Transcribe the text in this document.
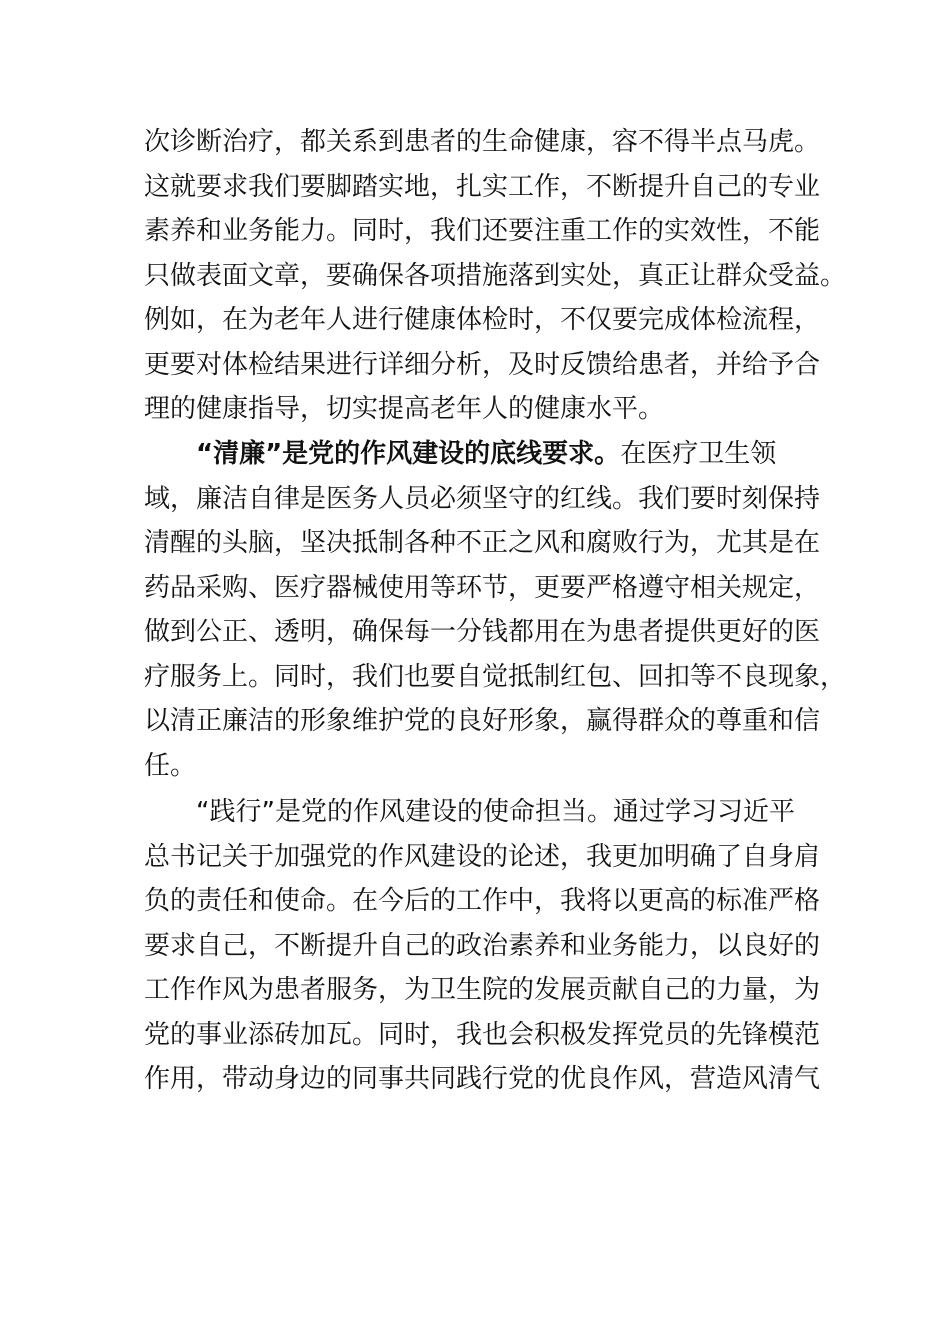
次诊断治疗，都关系到患者的生命健康，容不得半点马虎。
这就要求我们要脚踏实地，扎实工作，不断提升自己的专业
素养和业务能力。同时，我们还要注重工作的实效性，不能
只做表面文章，要确保各项措施落到实处，真正让群众受益。
例如，在为老年人进行健康体检时，不仅要完成体检流程，
更要对体检结果进行详细分析，及时反馈给患者，并给予合
理的健康指导，切实提高老年人的健康水平。
“清廉”是党的作风建设的底线要求。在医疗卫生领
域，廉洁自律是医务人员必须坚守的红线。我们要时刻保持
清醒的头脑，坚决抵制各种不正之风和腐败行为，尤其是在
药品采购、医疗器械使用等环节，更要严格遵守相关规定，
做到公正、透明，确保每一分钱都用在为患者提供更好的医
疗服务上。同时，我们也要自觉抵制红包、回扣等不良现象，
以清正廉洁的形象维护党的良好形象，赢得群众的尊重和信
任。
“践行”是党的作风建设的使命担当。通过学习习近平
总书记关于加强党的作风建设的论述，我更加明确了自身肩
负的责任和使命。在今后的工作中，我将以更高的标准严格
要求自己，不断提升自己的政治素养和业务能力，以良好的
工作作风为患者服务，为卫生院的发展贡献自己的力量，为
党的事业添砖加瓦。同时，我也会积极发挥党员的先锋模范
作用，带动身边的同事共同践行党的优良作风，营造风清气
